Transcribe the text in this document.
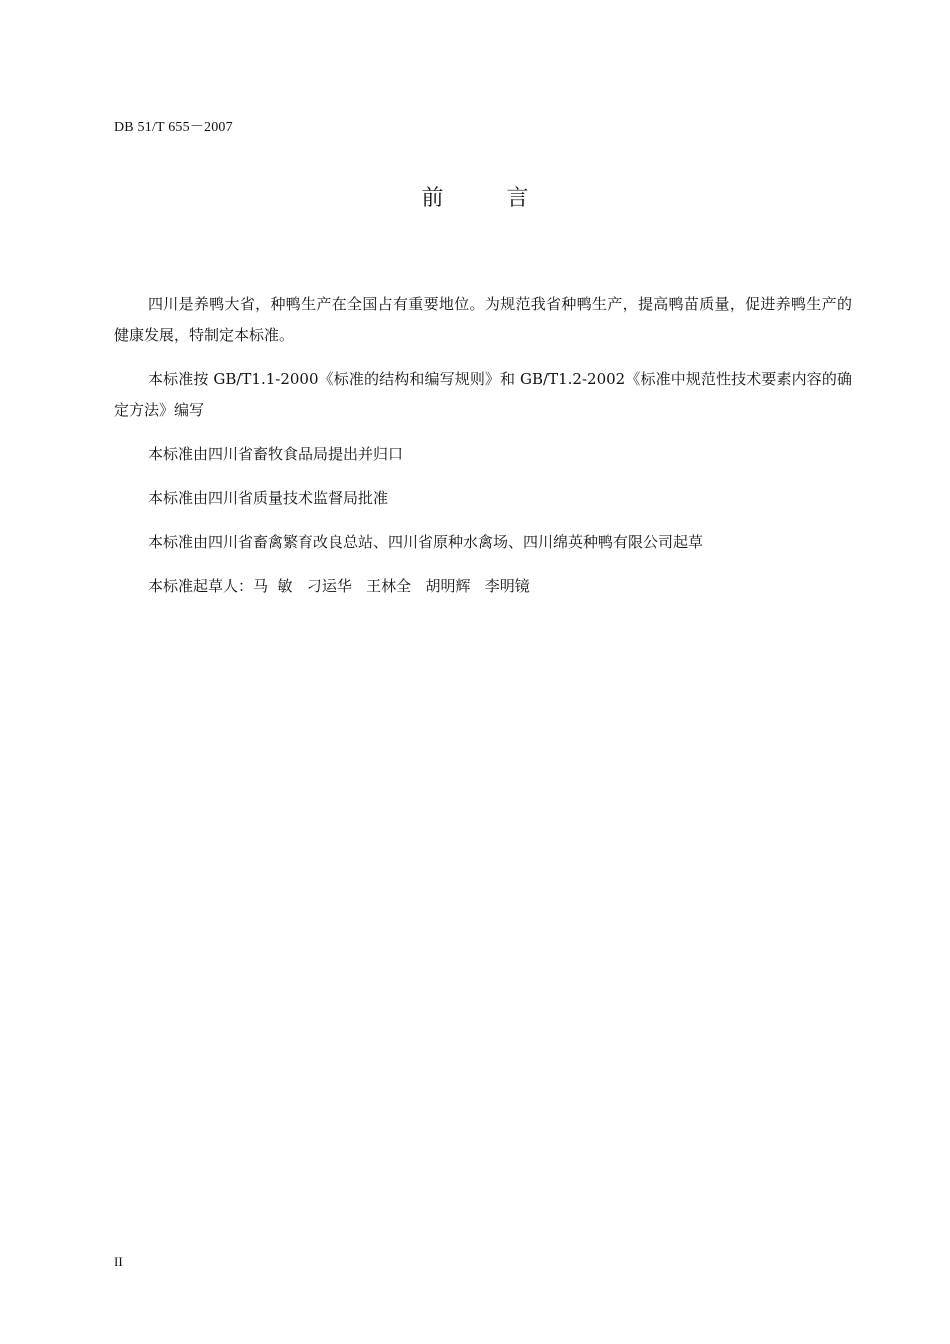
DB 51/T 655－2007
前 言

四川是养鸭大省，种鸭生产在全国占有重要地位。为规范我省种鸭生产，提高鸭苗质量，促进养鸭生产的健康发展，特制定本标准。

本标准按 GB/T1.1-2000《标准的结构和编写规则》和 GB/T1.2-2002《标准中规范性技术要素内容的确定方法》编写

本标准由四川省畜牧食品局提出并归口

本标准由四川省质量技术监督局批准

本标准由四川省畜禽繁育改良总站、四川省原种水禽场、四川绵英种鸭有限公司起草

本标准起草人：马  敏   刁运华   王林全   胡明辉   李明镜

II
